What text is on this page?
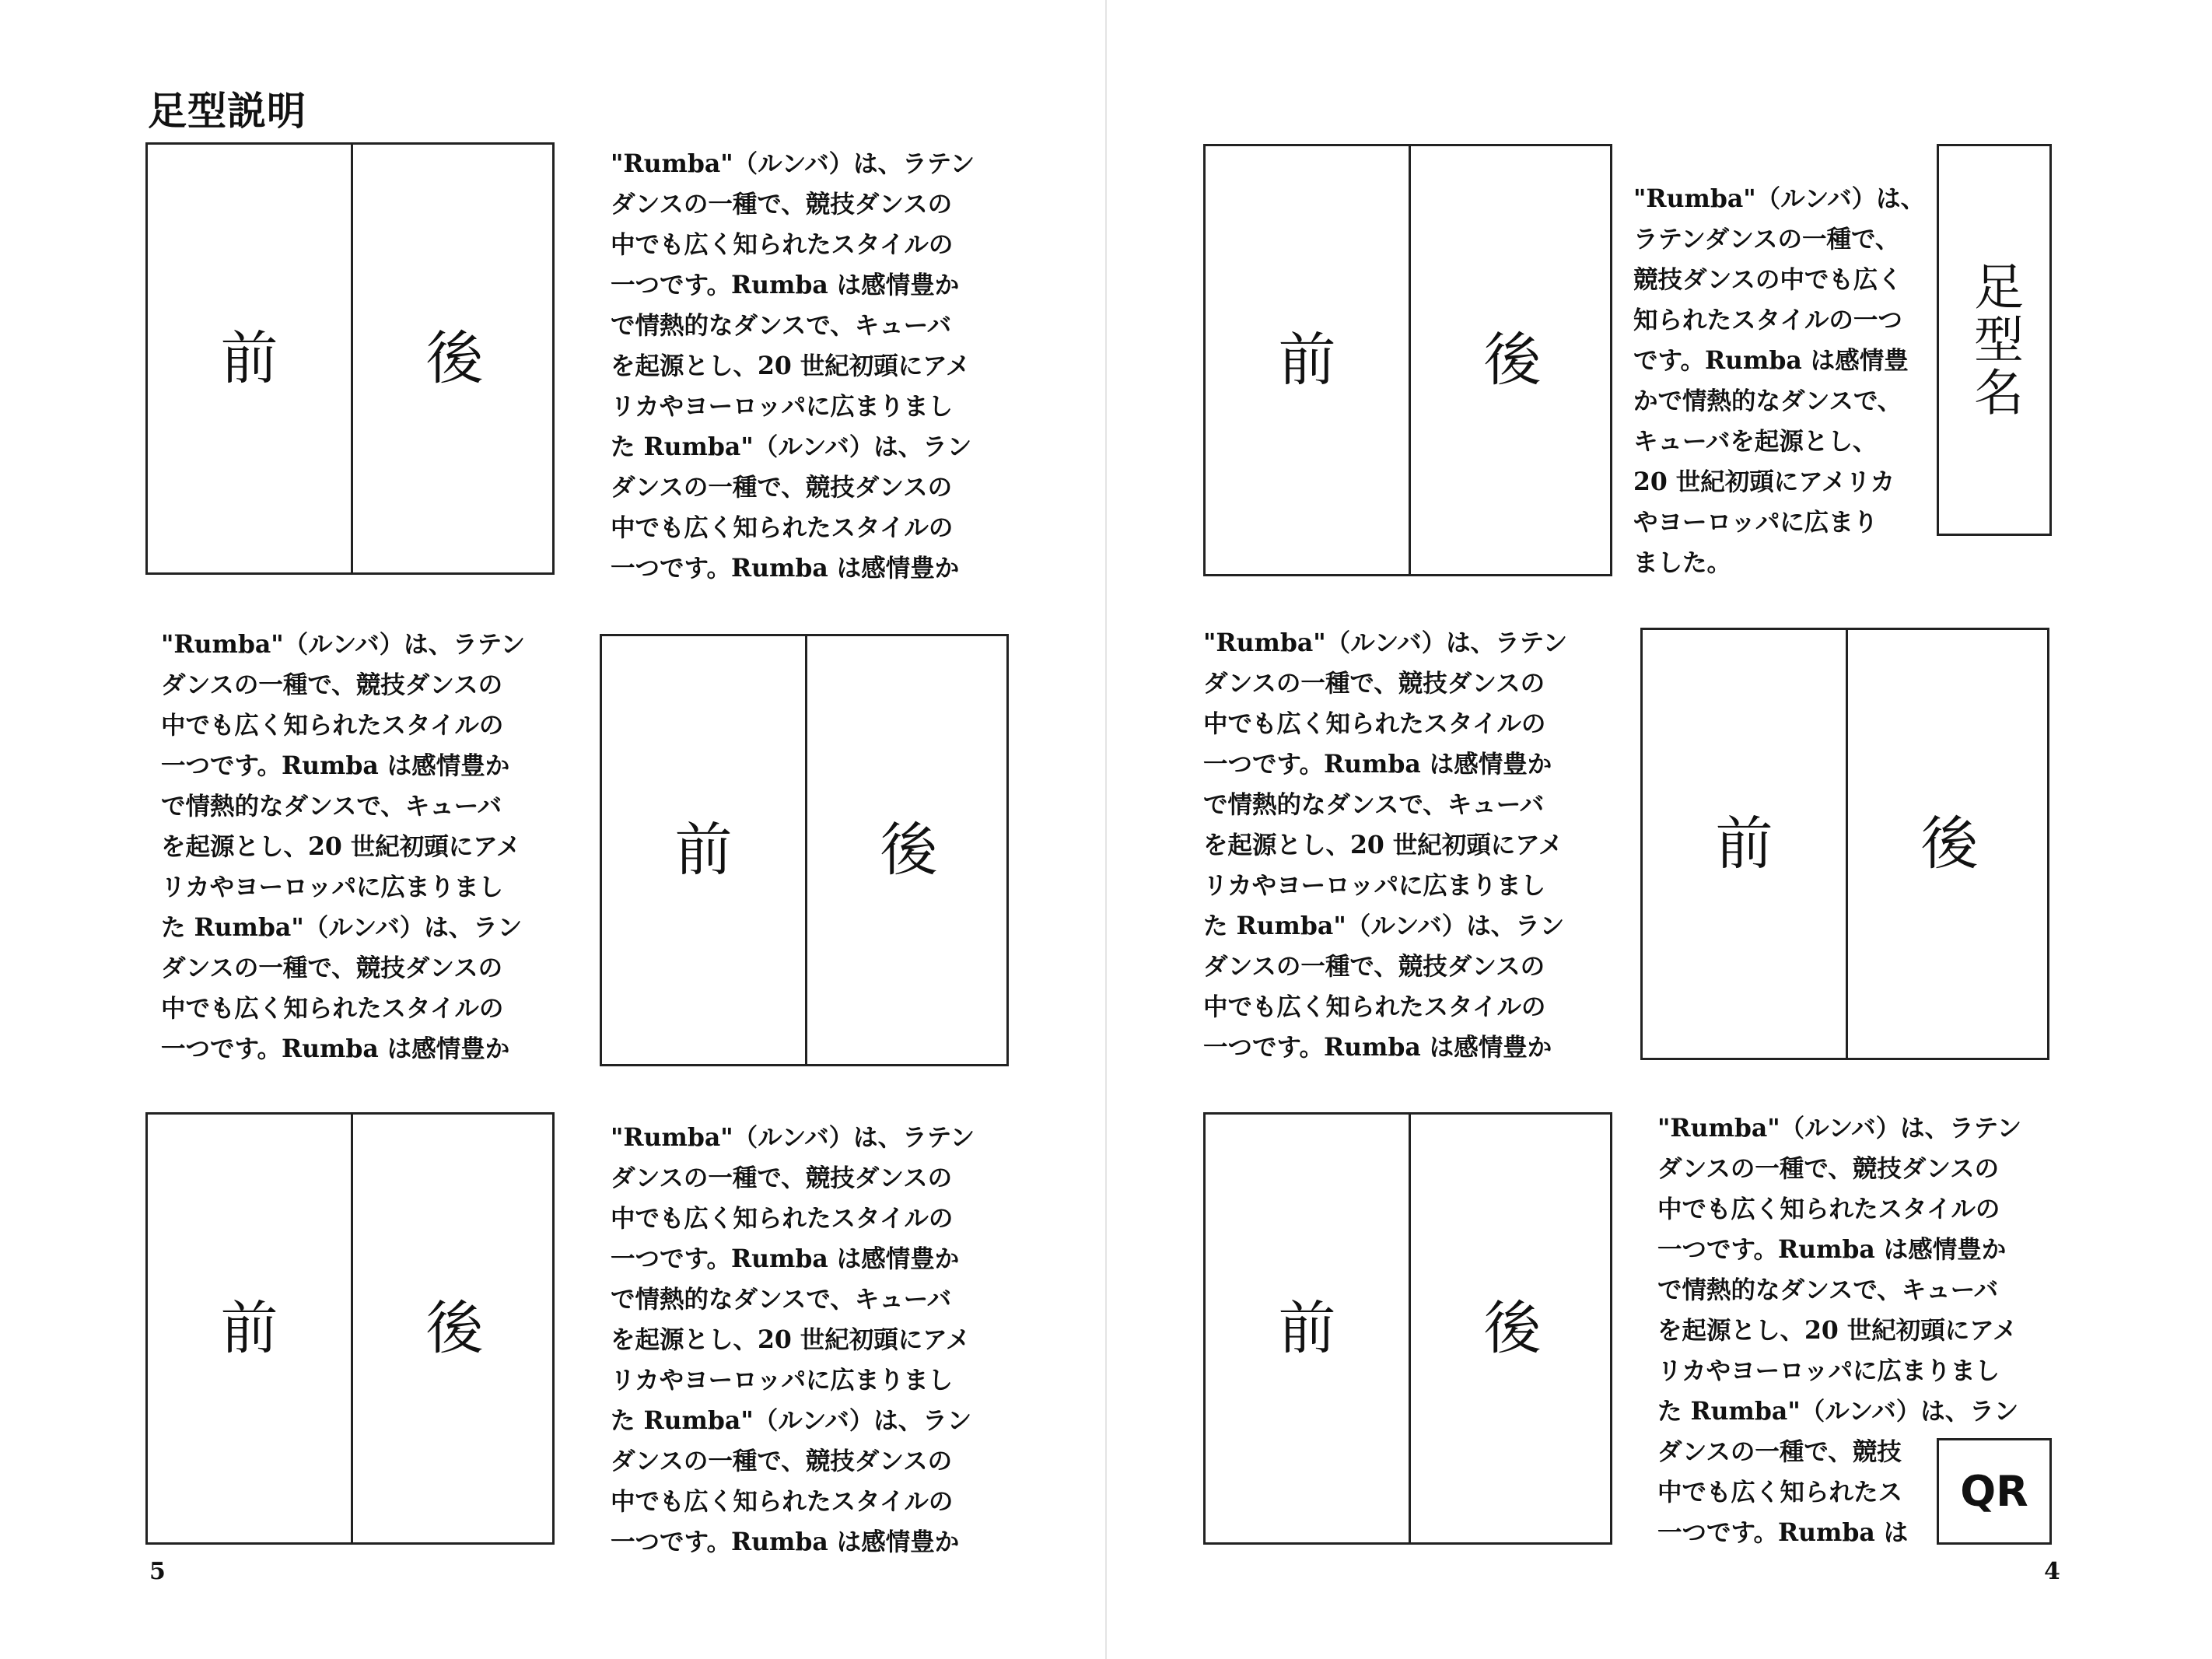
足型説明
前	後
前	後
前	後
前	後
前	後
前	後
"Rumba"（ルンバ）は、ラテン
ダンスの一種で、競技ダンスの
中でも広く知られたスタイルの
一つです。Rumba は感情豊か
で情熱的なダンスで、キューバ
を起源とし、20 世紀初頭にアメ
リカやヨーロッパに広まりまし
た Rumba"（ルンバ）は、ラン
ダンスの一種で、競技ダンスの
中でも広く知られたスタイルの
一つです。Rumba は感情豊か
"Rumba"（ルンバ）は、ラテン
ダンスの一種で、競技ダンスの
中でも広く知られたスタイルの
一つです。Rumba は感情豊か
で情熱的なダンスで、キューバ
を起源とし、20 世紀初頭にアメ
リカやヨーロッパに広まりまし
た Rumba"（ルンバ）は、ラン
ダンスの一種で、競技ダンスの
中でも広く知られたスタイルの
一つです。Rumba は感情豊か
"Rumba"（ルンバ）は、ラテン
ダンスの一種で、競技ダンスの
中でも広く知られたスタイルの
一つです。Rumba は感情豊か
で情熱的なダンスで、キューバ
を起源とし、20 世紀初頭にアメ
リカやヨーロッパに広まりまし
た Rumba"（ルンバ）は、ラン
ダンスの一種で、競技ダンスの
中でも広く知られたスタイルの
一つです。Rumba は感情豊か
"Rumba"（ルンバ）は、
ラテンダンスの一種で、
競技ダンスの中でも広く
知られたスタイルの一つ
です。Rumba は感情豊
かで情熱的なダンスで、
キューバを起源とし、
20 世紀初頭にアメリカ
やヨーロッパに広まり
ました。
"Rumba"（ルンバ）は、ラテン
ダンスの一種で、競技ダンスの
中でも広く知られたスタイルの
一つです。Rumba は感情豊か
で情熱的なダンスで、キューバ
を起源とし、20 世紀初頭にアメ
リカやヨーロッパに広まりまし
た Rumba"（ルンバ）は、ラン
ダンスの一種で、競技ダンスの
中でも広く知られたスタイルの
一つです。Rumba は感情豊か
"Rumba"（ルンバ）は、ラテン
ダンスの一種で、競技ダンスの
中でも広く知られたスタイルの
一つです。Rumba は感情豊か
で情熱的なダンスで、キューバ
を起源とし、20 世紀初頭にアメ
リカやヨーロッパに広まりまし
た Rumba"（ルンバ）は、ラン
ダンスの一種で、競技
中でも広く知られたス
一つです。Rumba は
足型名
QR
5	4
